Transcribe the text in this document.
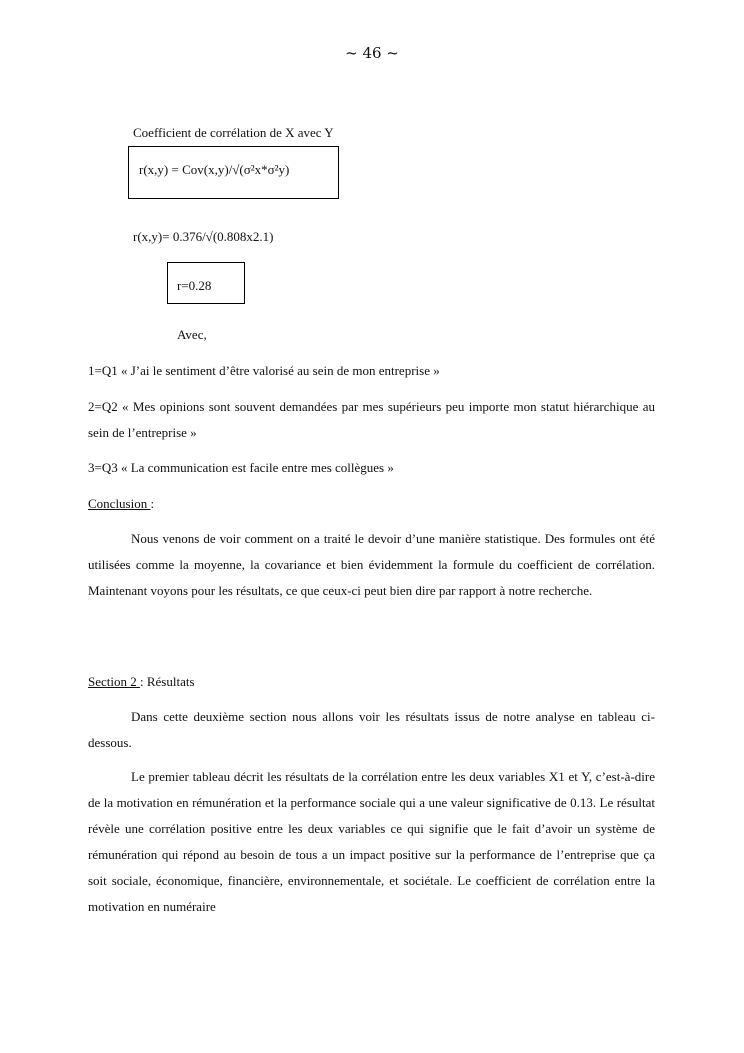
~ 46 ~
Coefficient de corrélation de X avec Y
r(x,y) = Cov(x,y)/√(σ²x*σ²y)
r(x,y)= 0.376/√(0.808x2.1)
r=0.28
Avec,
1=Q1 « J’ai le sentiment d’être valorisé au sein de mon entreprise »
2=Q2 « Mes opinions sont souvent demandées par mes supérieurs peu importe mon statut hiérarchique au sein de l’entreprise »
3=Q3 « La communication est facile entre mes collègues »
Conclusion :
Nous venons de voir comment on a traité le devoir d’une manière statistique. Des formules ont été utilisées comme la moyenne, la covariance et bien évidemment la formule du coefficient de corrélation. Maintenant voyons pour les résultats, ce que ceux-ci peut bien dire par rapport à notre recherche.
Section 2 : Résultats
Dans cette deuxième section nous allons voir les résultats issus de notre analyse en tableau ci-dessous.
Le premier tableau décrit les résultats de la corrélation entre les deux variables X1 et Y, c’est-à-dire de la motivation en rémunération et la performance sociale qui a une valeur significative de 0.13. Le résultat révèle une corrélation positive entre les deux variables ce qui signifie que le fait d’avoir un système de rémunération qui répond au besoin de tous a un impact positive sur la performance de l’entreprise que ça soit sociale, économique, financière, environnementale, et sociétale. Le coefficient de corrélation entre la motivation en numéraire
